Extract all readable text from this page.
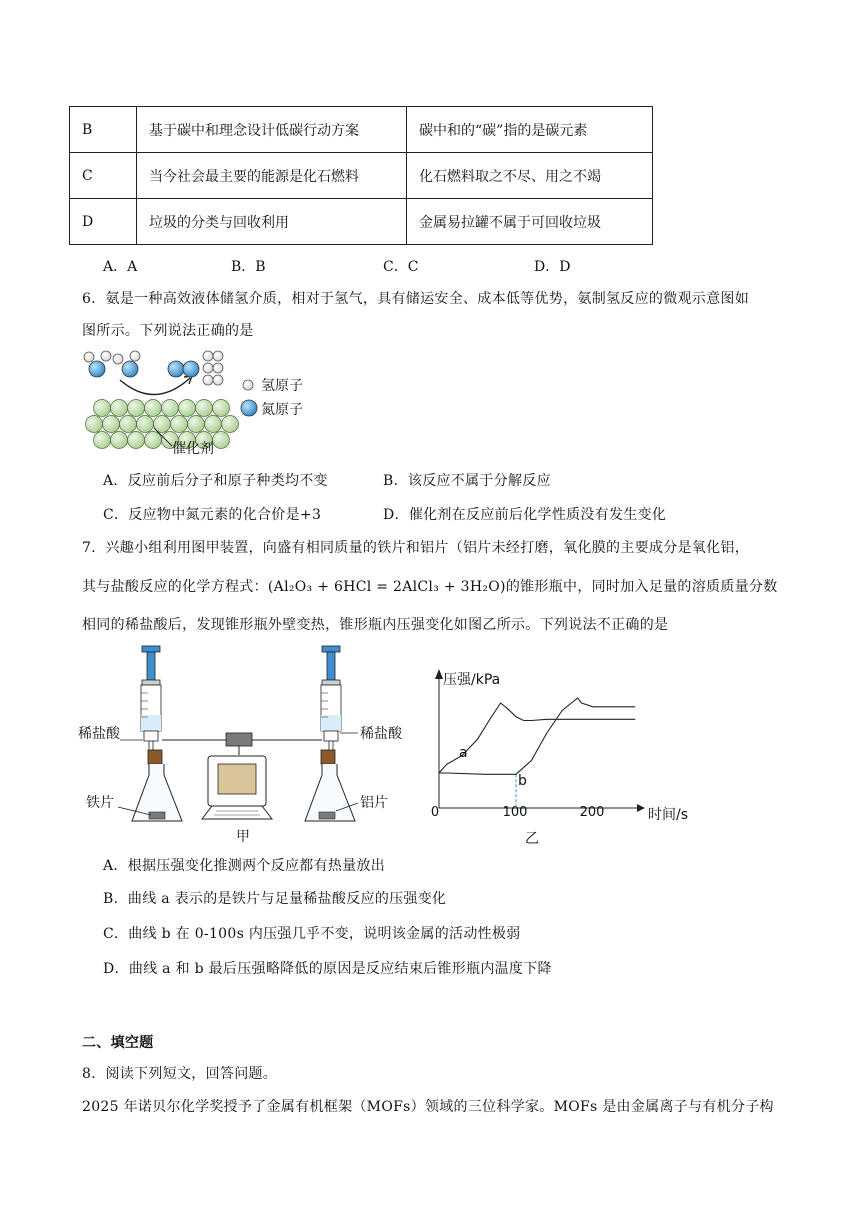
B	基于碳中和理念设计低碳行动方案	碳中和的“碳”指的是碳元素
C	当今社会最主要的能源是化石燃料	化石燃料取之不尽、用之不竭
D	垃圾的分类与回收利用	金属易拉罐不属于可回收垃圾
A．A	B．B	C．C	D．D
6．氨是一种高效液体储氢介质，相对于氢气，具有储运安全、成本低等优势，氨制氢反应的微观示意图如
图所示。下列说法正确的是
氢原子
氮原子
催化剂
A．反应前后分子和原子种类均不变	B．该反应不属于分解反应
C．反应物中氮元素的化合价是+3	D．催化剂在反应前后化学性质没有发生变化
7．兴趣小组利用图甲装置，向盛有相同质量的铁片和铝片（铝片未经打磨，氧化膜的主要成分是氧化铝，
其与盐酸反应的化学方程式：(Al₂O₃ + 6HCl = 2AlCl₃ + 3H₂O)的锥形瓶中，同时加入足量的溶质质量分数
相同的稀盐酸后，发现锥形瓶外壁变热，锥形瓶内压强变化如图乙所示。下列说法不正确的是
稀盐酸	稀盐酸
铁片	铝片
甲
压强/kPa
时间/s
0	100	200
a
b
乙
A．根据压强变化推测两个反应都有热量放出
B．曲线 a 表示的是铁片与足量稀盐酸反应的压强变化
C．曲线 b 在 0-100s 内压强几乎不变，说明该金属的活动性极弱
D．曲线 a 和 b 最后压强略降低的原因是反应结束后锥形瓶内温度下降
二、填空题
8．阅读下列短文，回答问题。
2025 年诺贝尔化学奖授予了金属有机框架（MOFs）领域的三位科学家。MOFs 是由金属离子与有机分子构
